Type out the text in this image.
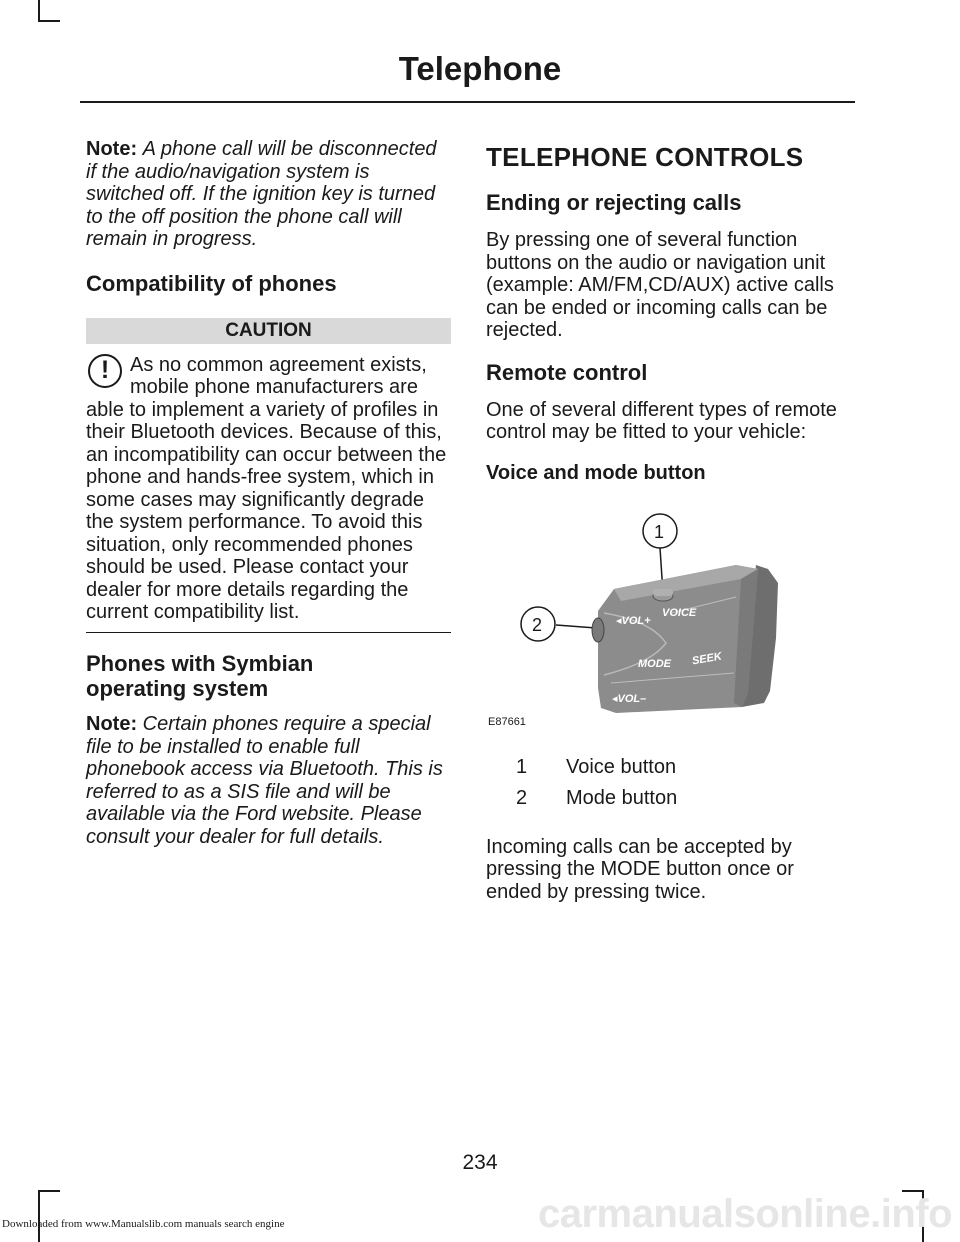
Telephone

Note: A phone call will be disconnected if the audio/navigation system is switched off. If the ignition key is turned to the off position the phone call will remain in progress.

Compatibility of phones
CAUTION
!	As no common agreement exists, mobile phone manufacturers are able to implement a variety of profiles in their Bluetooth devices. Because of this, an incompatibility can occur between the phone and hands-free system, which in some cases may significantly degrade the system performance. To avoid this situation, only recommended phones should be used. Please contact your dealer for more details regarding the current compatibility list.

Phones with Symbian operating system

Note: Certain phones require a special file to be installed to enable full phonebook access via Bluetooth. This is referred to as a SIS file and will be available via the Ford website. Please consult your dealer for full details.

TELEPHONE CONTROLS
Ending or rejecting calls

By pressing one of several function buttons on the audio or navigation unit (example: AM/FM,CD/AUX) active calls can be ended or incoming calls can be rejected.

Remote control

One of several different types of remote control may be fitted to your vehicle:

Voice and mode button
1
2
VOICE
◂VOL+
MODE SEEK
◂VOL–
E87661
1 Voice button
2 Mode button

Incoming calls can be accepted by pressing the MODE button once or ended by pressing twice.

234
Downloaded from www.Manualslib.com manuals search engine	carmanualsonline.info
